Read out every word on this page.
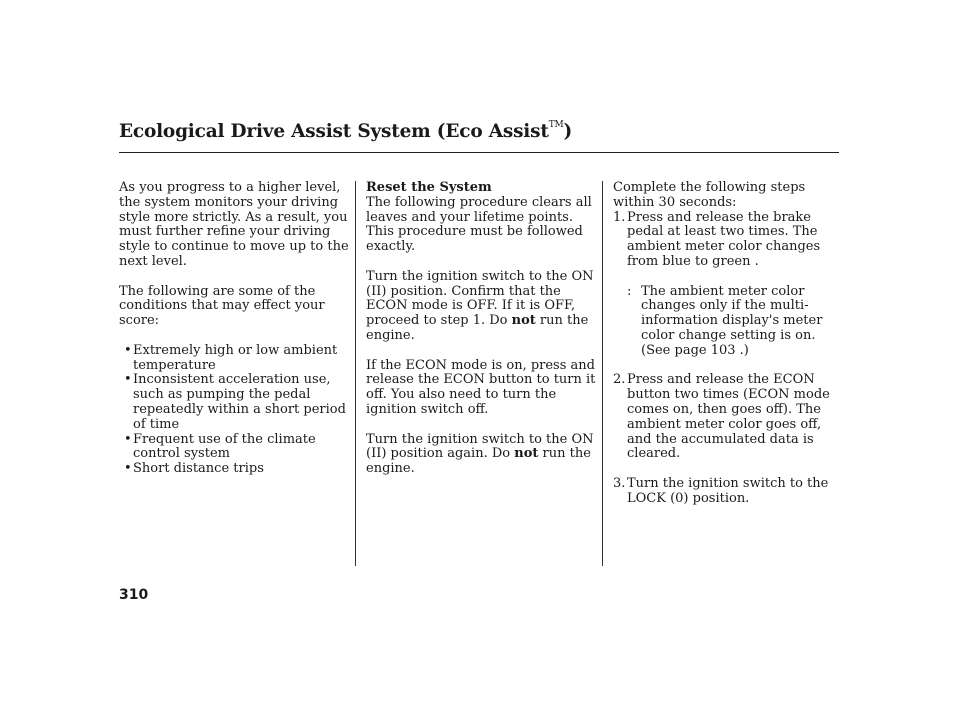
Ecological Drive Assist System (Eco Assist™)

As you progress to a higher level, the system monitors your driving style more strictly. As a result, you must further refine your driving style to continue to move up to the next level.

The following are some of the conditions that may effect your score:

• Extremely high or low ambient temperature
• Inconsistent acceleration use, such as pumping the pedal repeatedly within a short period of time
• Frequent use of the climate control system
• Short distance trips
Reset the System

The following procedure clears all leaves and your lifetime points. This procedure must be followed exactly.

Turn the ignition switch to the ON (II) position. Confirm that the ECON mode is OFF. If it is OFF, proceed to step 1. Do not run the engine.

If the ECON mode is on, press and release the ECON button to turn it off. You also need to turn the ignition switch off.

Turn the ignition switch to the ON (II) position again. Do not run the engine.

Complete the following steps within 30 seconds:

1. Press and release the brake pedal at least two times. The ambient meter color changes from blue to green .
: The ambient meter color changes only if the multi-information display's meter color change setting is on. (See page 103 .)
2. Press and release the ECON button two times (ECON mode comes on, then goes off). The ambient meter color goes off, and the accumulated data is cleared.
3. Turn the ignition switch to the LOCK (0) position.
310
